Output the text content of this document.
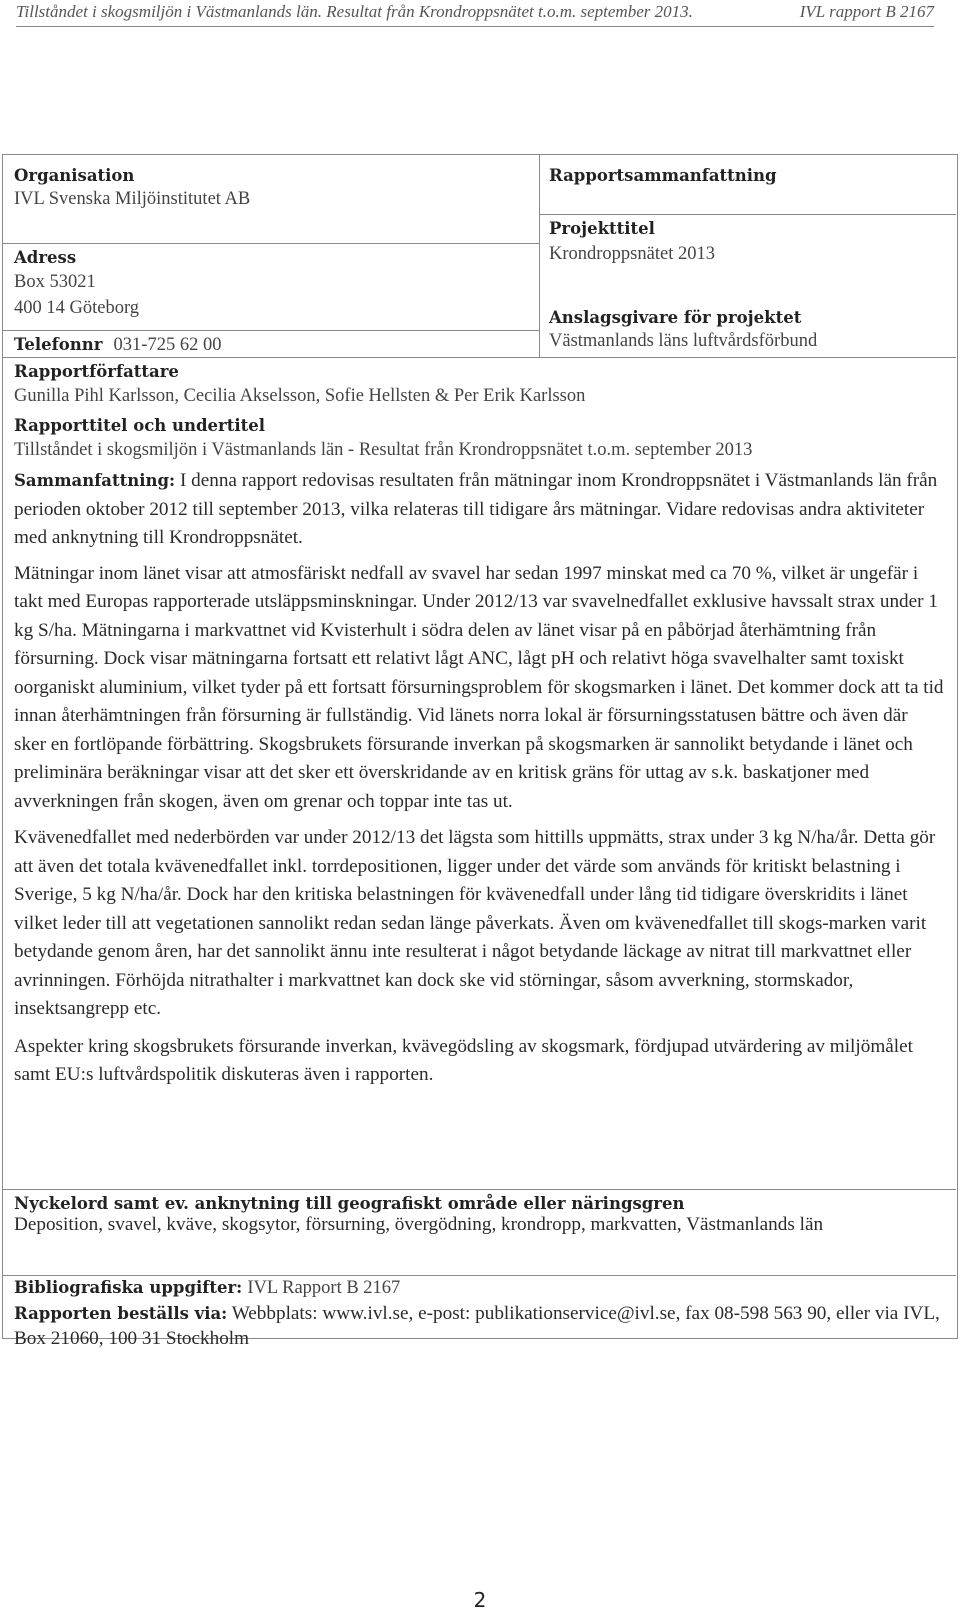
Tillståndet i skogsmiljön i Västmanlands län. Resultat från Krondroppsnätet t.o.m. september 2013.	IVL rapport B 2167
Organisation
IVL Svenska Miljöinstitutet AB
Adress
Box 53021
400 14 Göteborg
Telefonnr 031-725 62 00
Rapportsammanfattning
Projekttitel
Krondroppsnätet 2013
Anslagsgivare för projektet
Västmanlands läns luftvårdsförbund
Rapportförfattare
Gunilla Pihl Karlsson, Cecilia Akselsson, Sofie Hellsten & Per Erik Karlsson
Rapporttitel och undertitel
Tillståndet i skogsmiljön i Västmanlands län - Resultat från Krondroppsnätet t.o.m. september 2013

Sammanfattning: I denna rapport redovisas resultaten från mätningar inom Krondroppsnätet i Västmanlands län från perioden oktober 2012 till september 2013, vilka relateras till tidigare års mätningar. Vidare redovisas andra aktiviteter med anknytning till Krondroppsnätet.

Mätningar inom länet visar att atmosfäriskt nedfall av svavel har sedan 1997 minskat med ca 70 %, vilket är ungefär i takt med Europas rapporterade utsläppsminskningar. Under 2012/13 var svavelnedfallet exklusive havssalt strax under 1 kg S/ha. Mätningarna i markvattnet vid Kvisterhult i södra delen av länet visar på en påbörjad återhämtning från försurning. Dock visar mätningarna fortsatt ett relativt lågt ANC, lågt pH och relativt höga svavelhalter samt toxiskt oorganiskt aluminium, vilket tyder på ett fortsatt försurningsproblem för skogsmarken i länet. Det kommer dock att ta tid innan återhämtningen från försurning är fullständig. Vid länets norra lokal är försurningsstatusen bättre och även där sker en fortlöpande förbättring. Skogsbrukets försurande inverkan på skogsmarken är sannolikt betydande i länet och preliminära beräkningar visar att det sker ett överskridande av en kritisk gräns för uttag av s.k. baskatjoner med avverkningen från skogen, även om grenar och toppar inte tas ut.

Kvävenedfallet med nederbörden var under 2012/13 det lägsta som hittills uppmätts, strax under 3 kg N/ha/år. Detta gör att även det totala kvävenedfallet inkl. torrdepositionen, ligger under det värde som används för kritiskt belastning i Sverige, 5 kg N/ha/år. Dock har den kritiska belastningen för kvävenedfall under lång tid tidigare överskridits i länet vilket leder till att vegetationen sannolikt redan sedan länge påverkats. Även om kvävenedfallet till skogs-marken varit betydande genom åren, har det sannolikt ännu inte resulterat i något betydande läckage av nitrat till markvattnet eller avrinningen. Förhöjda nitrathalter i markvattnet kan dock ske vid störningar, såsom avverkning, stormskador, insektsangrepp etc.

Aspekter kring skogsbrukets försurande inverkan, kvävegödsling av skogsmark, fördjupad utvärdering av miljömålet samt EU:s luftvårdspolitik diskuteras även i rapporten.

Nyckelord samt ev. anknytning till geografiskt område eller näringsgren

Deposition, svavel, kväve, skogsytor, försurning, övergödning, krondropp, markvatten, Västmanlands län

Bibliografiska uppgifter: IVL Rapport B 2167

Rapporten beställs via: Webbplats: www.ivl.se, e-post: publikationservice@ivl.se, fax 08-598 563 90, eller via IVL, Box 21060, 100 31 Stockholm

2
